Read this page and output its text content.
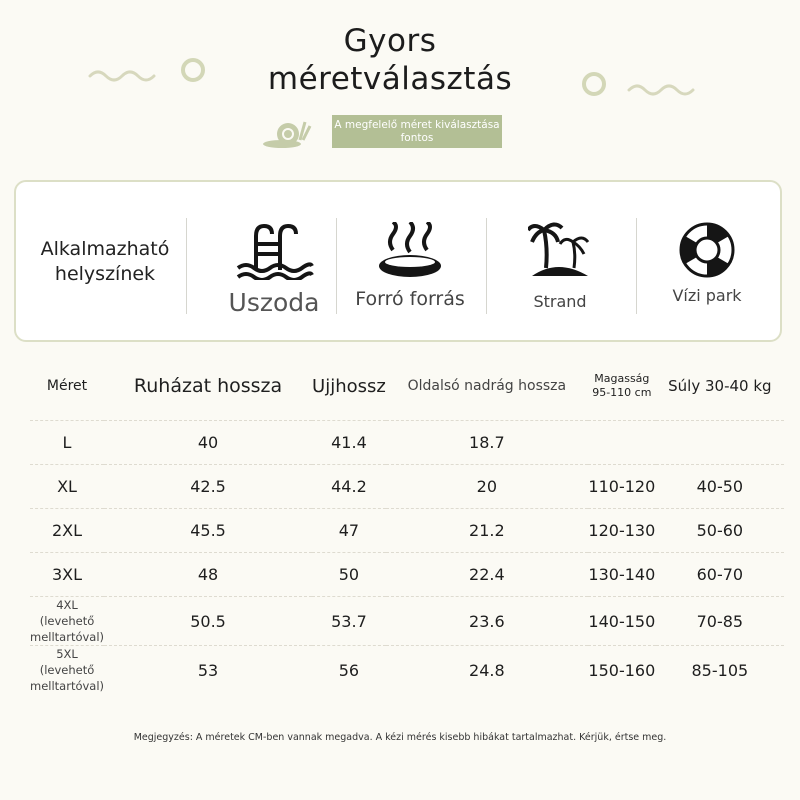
Gyors méretválasztás
A megfelelő méret kiválasztása fontos
Alkalmazható helyszínek
Uszoda	Forró forrás	Strand	Vízi park
Méret	Ruházat hossza	Ujjhossz	Oldalsó nadrág hossza	Magasság 95-110 cm	Súly 30-40 kg
L	40	41.4	18.7		
XL	42.5	44.2	20	110-120	40-50
2XL	45.5	47	21.2	120-130	50-60
3XL	48	50	22.4	130-140	60-70
4XL (levehető melltartóval)	50.5	53.7	23.6	140-150	70-85
5XL (levehető melltartóval)	53	56	24.8	150-160	85-105
Megjegyzés: A méretek CM-ben vannak megadva. A kézi mérés kisebb hibákat tartalmazhat. Kérjük, értse meg.
